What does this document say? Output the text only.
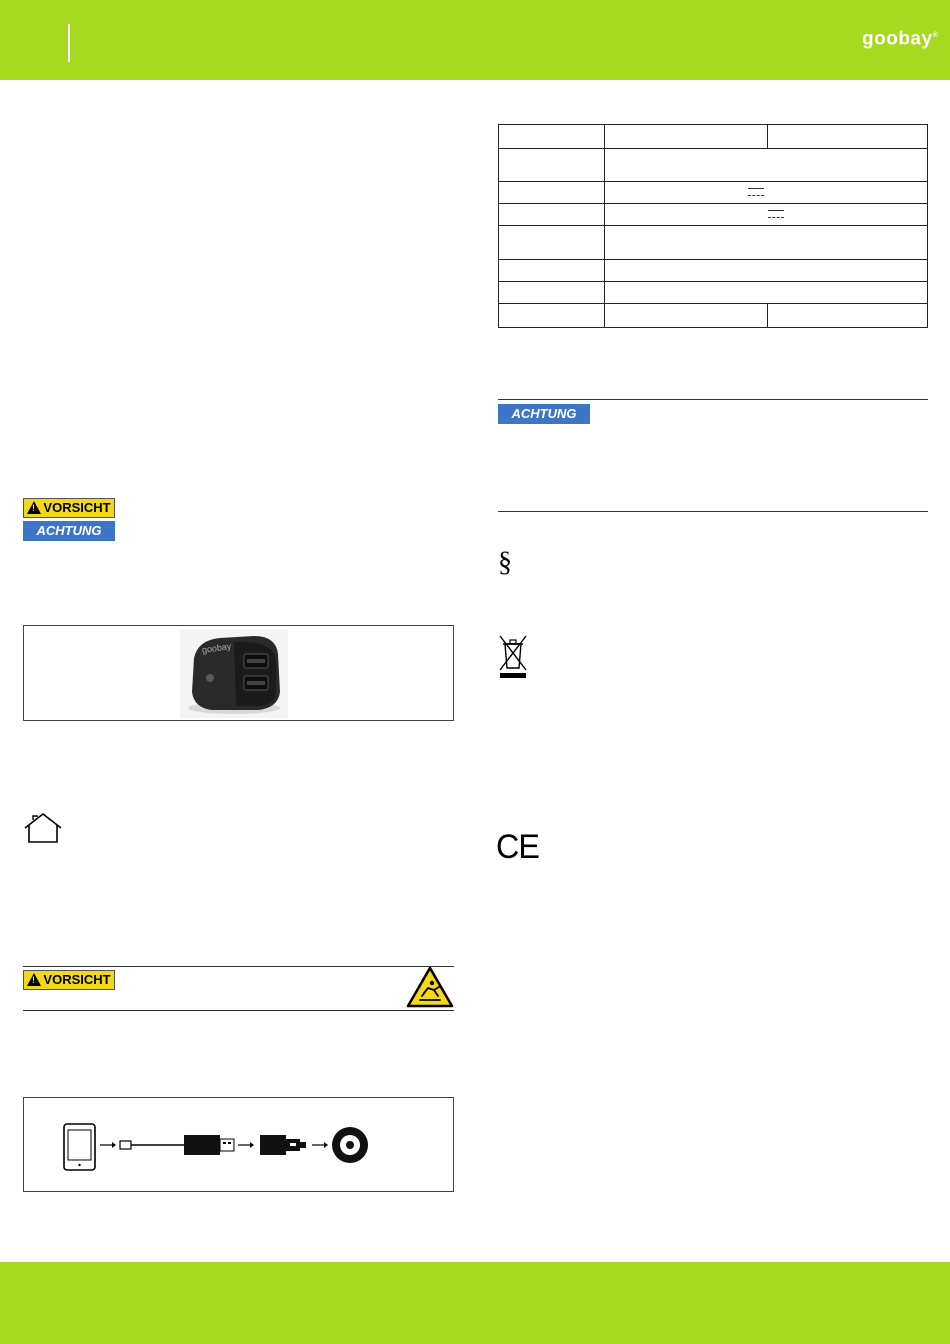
goobay®
!
VORSICHT
ACHTUNG
goobay
!
VORSICHT

ACHTUNG
§
CE
